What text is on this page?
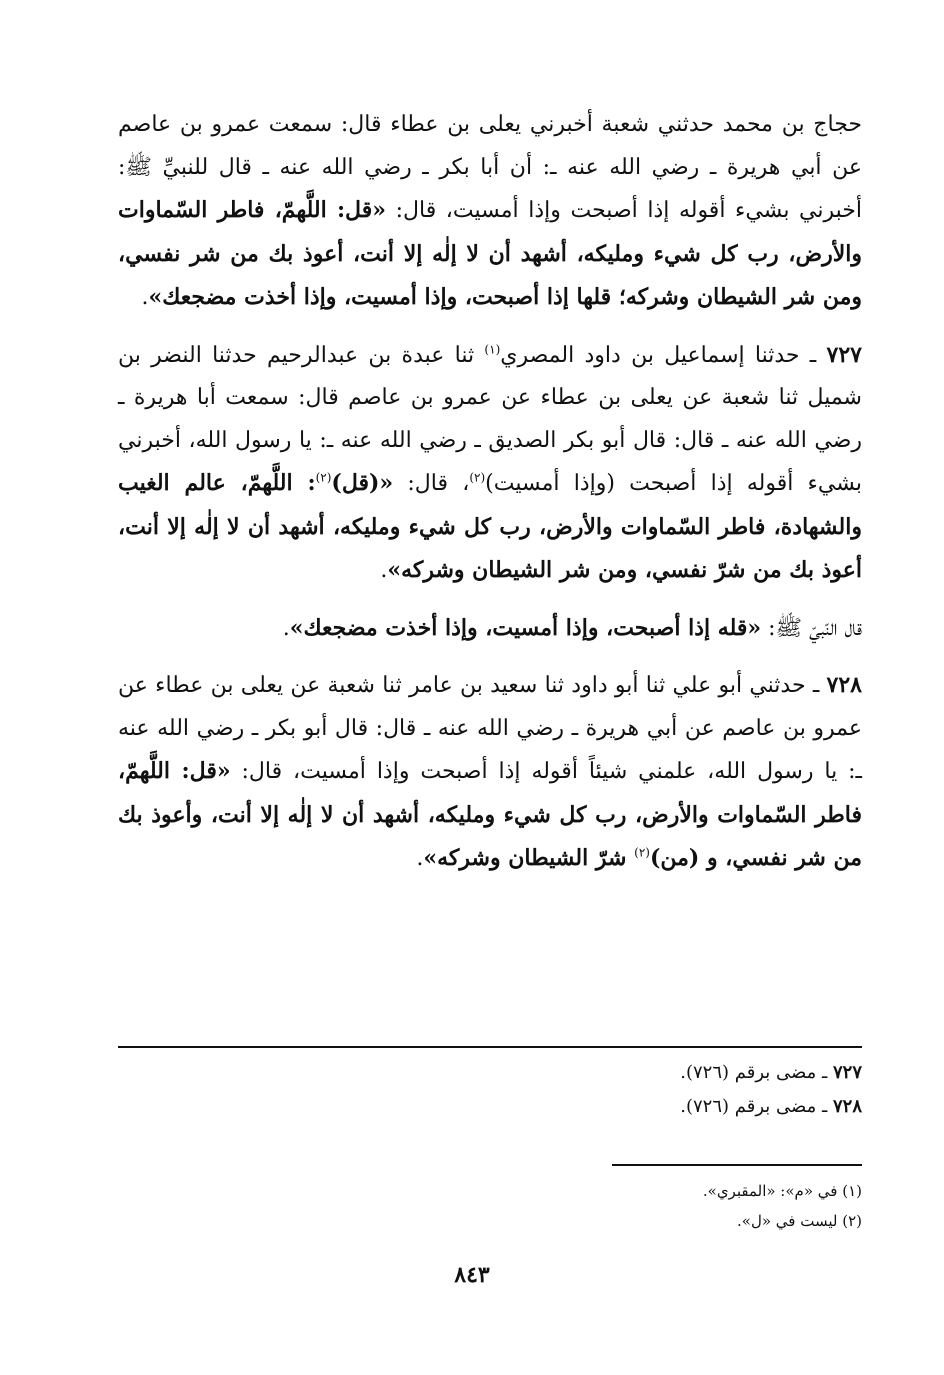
حجاج بن محمد حدثني شعبة أخبرني يعلى بن عطاء قال: سمعت عمرو بن عاصم عن أبي هريرة ـ رضي الله عنه ـ: أن أبا بكر ـ رضي الله عنه ـ قال للنبيِّ ﷺ: أخبرني بشيء أقوله إذا أصبحت وإذا أمسيت، قال: «قل: اللَّهمّ، فاطر السّماوات والأرض، رب كل شيء ومليكه، أشهد أن لا إلٰه إلا أنت، أعوذ بك من شر نفسي، ومن شر الشيطان وشركه؛ قلها إذا أصبحت، وإذا أمسيت، وإذا أخذت مضجعك».

٧٢٧ ـ حدثنا إسماعيل بن داود المصري$^{(١)}$ ثنا عبدة بن عبدالرحيم حدثنا النضر بن شميل ثنا شعبة عن يعلى بن عطاء عن عمرو بن عاصم قال: سمعت أبا هريرة ـ رضي الله عنه ـ قال: قال أبو بكر الصديق ـ رضي الله عنه ـ: يا رسول الله، أخبرني بشيء أقوله إذا أصبحت (وإذا أمسيت)$^{(٢)}$، قال: «(قل)$^{(٢)}$: اللَّهمّ، عالم الغيب والشهادة، فاطر السّماوات والأرض، رب كل شيء ومليكه، أشهد أن لا إلٰه إلا أنت، أعوذ بك من شرّ نفسي، ومن شر الشيطان وشركه».

قال النّبيّ ﷺ: «قله إذا أصبحت، وإذا أمسيت، وإذا أخذت مضجعك».

٧٢٨ ـ حدثني أبو علي ثنا أبو داود ثنا سعيد بن عامر ثنا شعبة عن يعلى بن عطاء عن عمرو بن عاصم عن أبي هريرة ـ رضي الله عنه ـ قال: قال أبو بكر ـ رضي الله عنه ـ: يا رسول الله، علمني شيئاً أقوله إذا أصبحت وإذا أمسيت، قال: «قل: اللَّهمّ، فاطر السّماوات والأرض، رب كل شيء ومليكه، أشهد أن لا إلٰه إلا أنت، وأعوذ بك من شر نفسي، و (من)$^{(٢)}$ شرّ الشيطان وشركه».

٧٢٧ ـ مضى برقم (٧٢٦).
٧٢٨ ـ مضى برقم (٧٢٦).
(١) في «م»: «المقبري».
(٢) ليست في «ل».
٨٤٣
